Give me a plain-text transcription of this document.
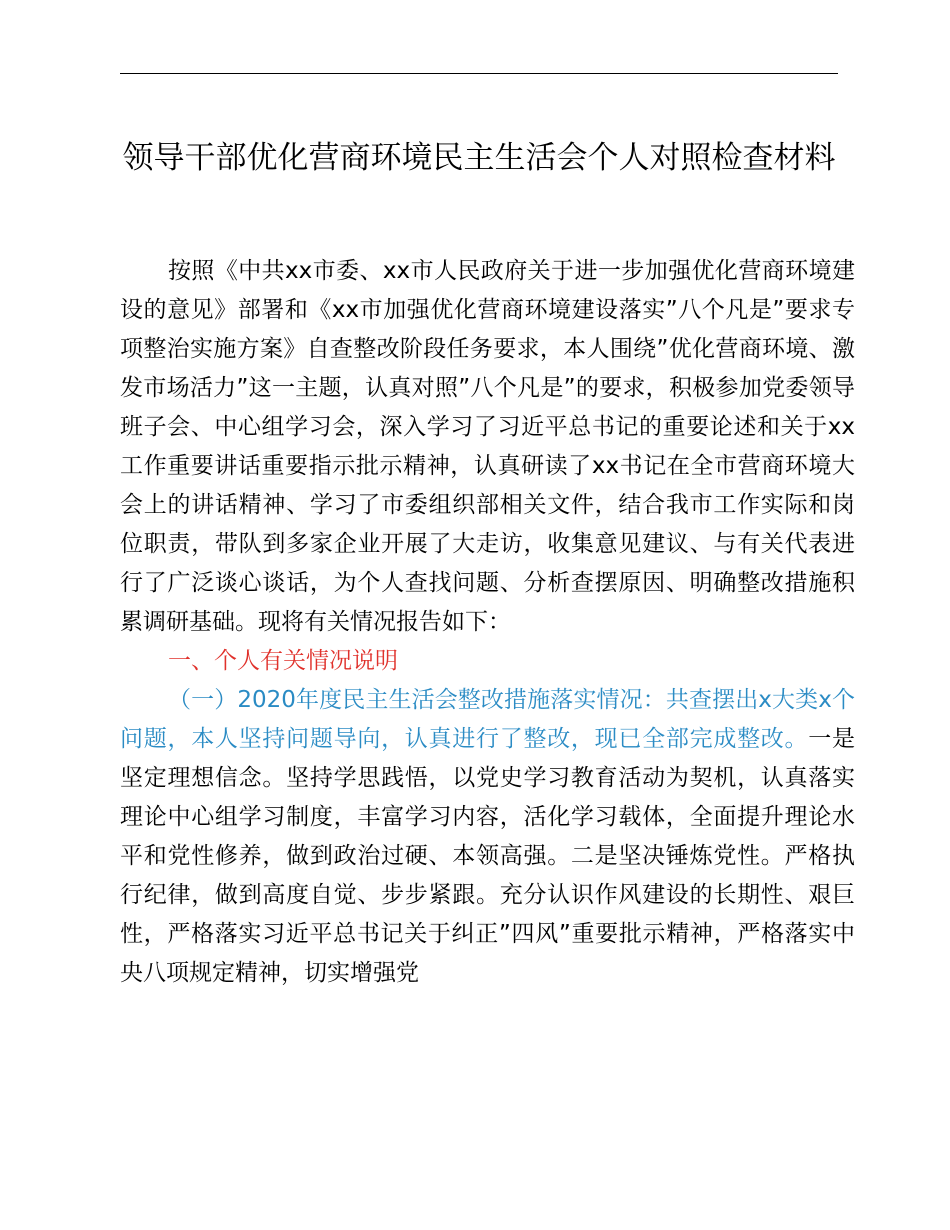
领导干部优化营商环境民主生活会个人对照检查材料

按照《中共xx市委、xx市人民政府关于进一步加强优化营商环境建设的意见》部署和《xx市加强优化营商环境建设落实”八个凡是”要求专项整治实施方案》自查整改阶段任务要求，本人围绕”优化营商环境、激发市场活力”这一主题，认真对照”八个凡是”的要求，积极参加党委领导班子会、中心组学习会，深入学习了习近平总书记的重要论述和关于xx工作重要讲话重要指示批示精神，认真研读了xx书记在全市营商环境大会上的讲话精神、学习了市委组织部相关文件，结合我市工作实际和岗位职责，带队到多家企业开展了大走访，收集意见建议、与有关代表进行了广泛谈心谈话，为个人查找问题、分析查摆原因、明确整改措施积累调研基础。现将有关情况报告如下：

一、个人有关情况说明

（一）2020年度民主生活会整改措施落实情况：共查摆出x大类x个问题，本人坚持问题导向，认真进行了整改，现已全部完成整改。一是坚定理想信念。坚持学思践悟，以党史学习教育活动为契机，认真落实理论中心组学习制度，丰富学习内容，活化学习载体，全面提升理论水平和党性修养，做到政治过硬、本领高强。二是坚决锤炼党性。严格执行纪律，做到高度自觉、步步紧跟。充分认识作风建设的长期性、艰巨性，严格落实习近平总书记关于纠正”四风”重要批示精神，严格落实中央八项规定精神，切实增强党
